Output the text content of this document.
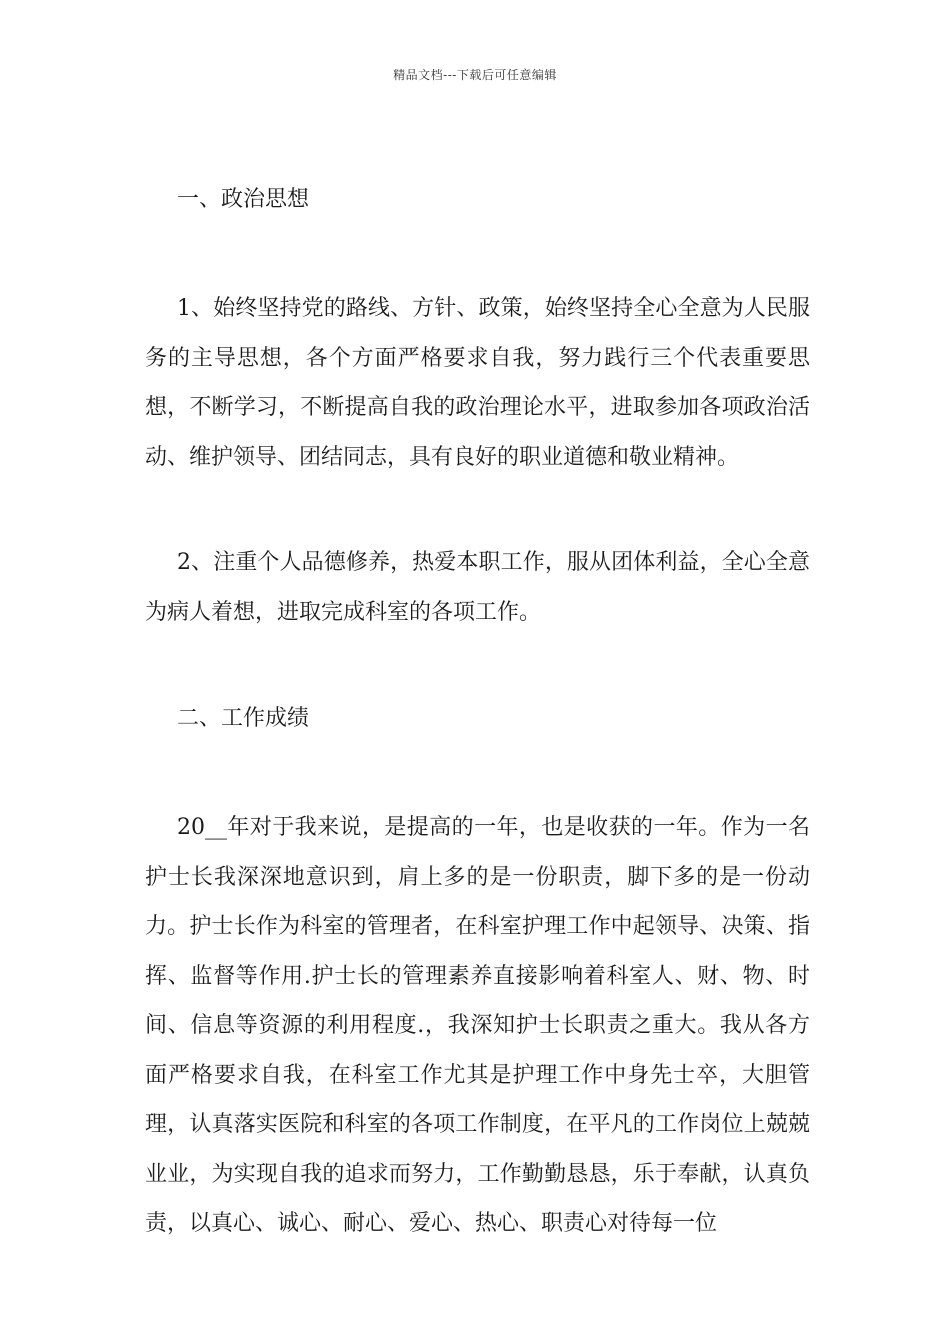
精品文档---下载后可任意编辑

一、政治思想

1、始终坚持党的路线、方针、政策，始终坚持全心全意为人民服务的主导思想，各个方面严格要求自我，努力践行三个代表重要思想，不断学习，不断提高自我的政治理论水平，进取参加各项政治活动、维护领导、团结同志，具有良好的职业道德和敬业精神。

2、注重个人品德修养，热爱本职工作，服从团体利益，全心全意为病人着想，进取完成科室的各项工作。

二、工作成绩

20__年对于我来说，是提高的一年，也是收获的一年。作为一名护士长我深深地意识到，肩上多的是一份职责，脚下多的是一份动力。护士长作为科室的管理者，在科室护理工作中起领导、决策、指挥、监督等作用.护士长的管理素养直接影响着科室人、财、物、时间、信息等资源的利用程度.，我深知护士长职责之重大。我从各方面严格要求自我，在科室工作尤其是护理工作中身先士卒，大胆管理，认真落实医院和科室的各项工作制度，在平凡的工作岗位上兢兢业业，为实现自我的追求而努力，工作勤勤恳恳，乐于奉献，认真负责，以真心、诚心、耐心、爱心、热心、职责心对待每一位
